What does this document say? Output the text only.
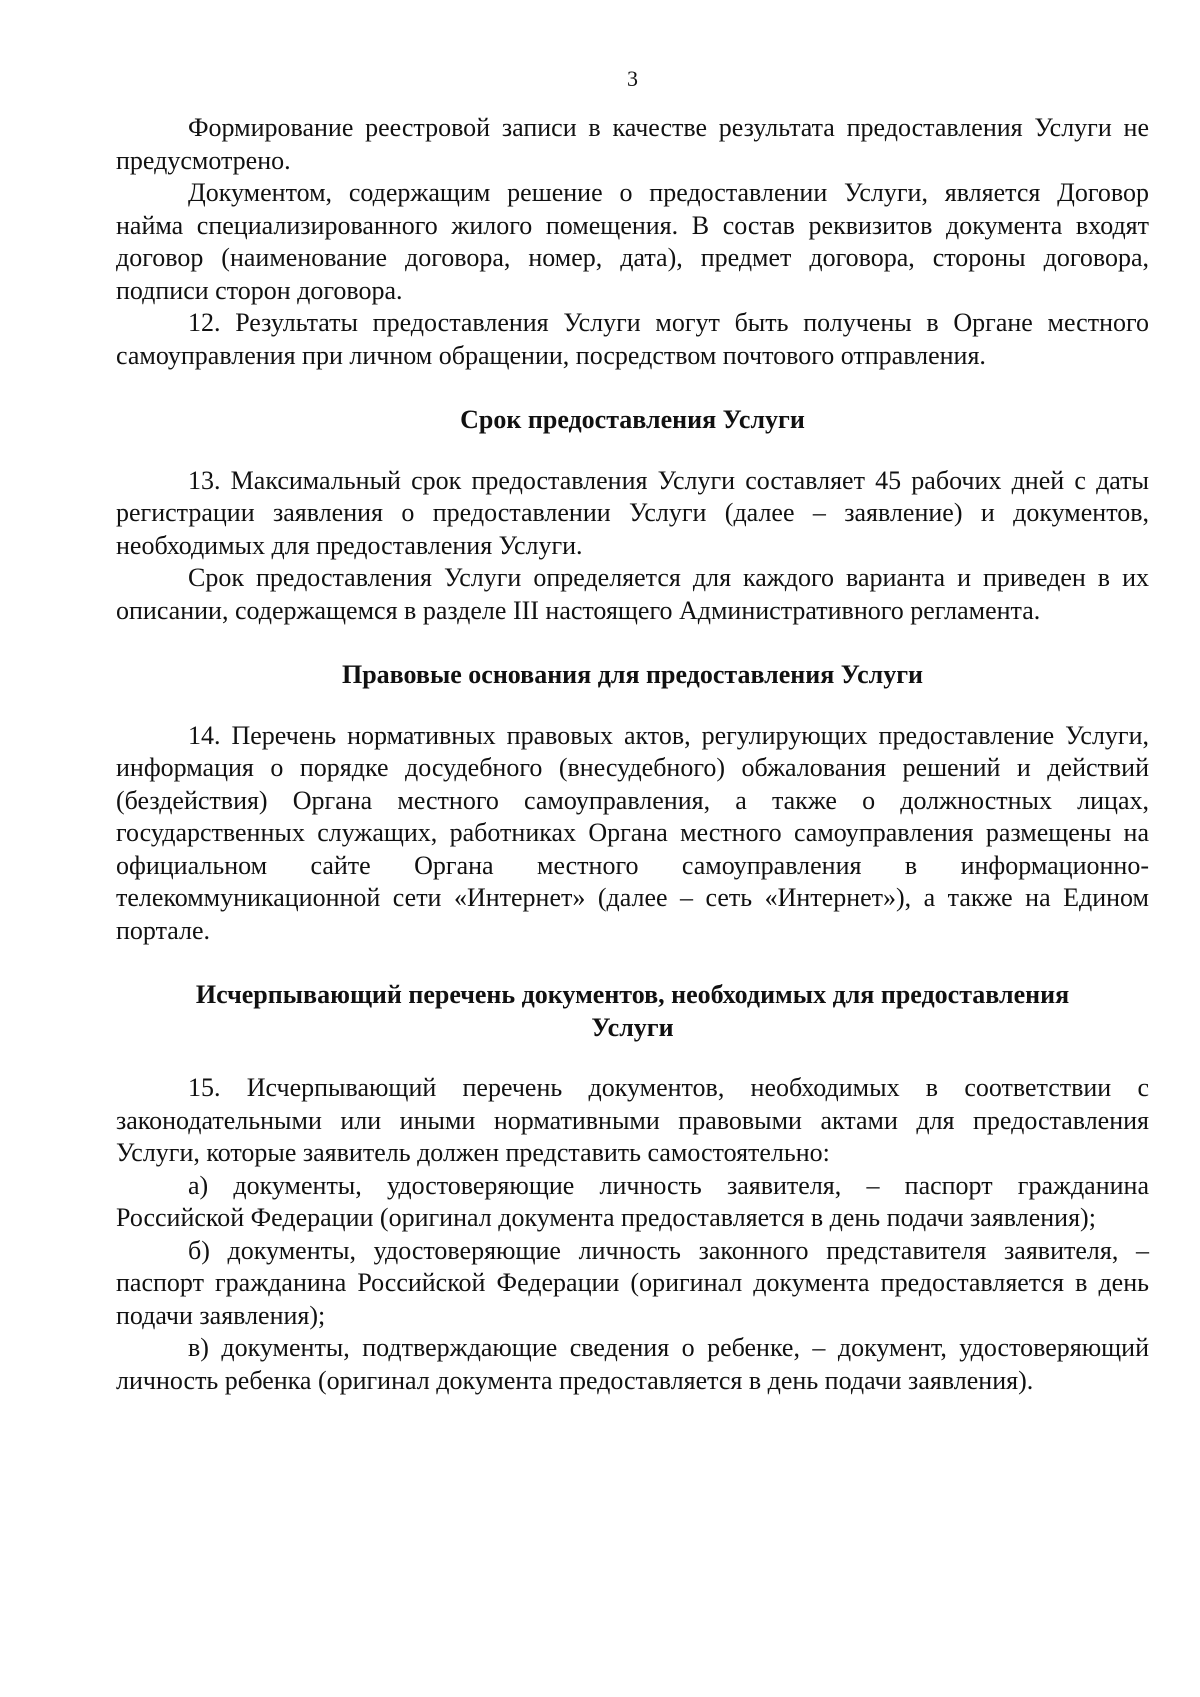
3

Формирование реестровой записи в качестве результата предоставления Услуги не предусмотрено.

Документом, содержащим решение о предоставлении Услуги, является Договор найма специализированного жилого помещения. В состав реквизитов документа входят договор (наименование договора, номер, дата), предмет договора, стороны договора, подписи сторон договора.

12. Результаты предоставления Услуги могут быть получены в Органе местного самоуправления при личном обращении, посредством почтового отправления.

Срок предоставления Услуги

13. Максимальный срок предоставления Услуги составляет 45 рабочих дней с даты регистрации заявления о предоставлении Услуги (далее – заявление) и документов, необходимых для предоставления Услуги.

Срок предоставления Услуги определяется для каждого варианта и приведен в их описании, содержащемся в разделе III настоящего Административного регламента.

Правовые основания для предоставления Услуги

14. Перечень нормативных правовых актов, регулирующих предоставление Услуги, информация о порядке досудебного (внесудебного) обжалования решений и действий (бездействия) Органа местного самоуправления, а также о должностных лицах, государственных служащих, работниках Органа местного самоуправления размещены на официальном сайте Органа местного самоуправления в информационно-телекоммуникационной сети «Интернет» (далее – сеть «Интернет»), а также на Едином портале.

Исчерпывающий перечень документов, необходимых для предоставления
Услуги

15. Исчерпывающий перечень документов, необходимых в соответствии с законодательными или иными нормативными правовыми актами для предоставления Услуги, которые заявитель должен представить самостоятельно:

а) документы, удостоверяющие личность заявителя, – паспорт гражданина Российской Федерации (оригинал документа предоставляется в день подачи заявления);

б) документы, удостоверяющие личность законного представителя заявителя, – паспорт гражданина Российской Федерации (оригинал документа предоставляется в день подачи заявления);

в) документы, подтверждающие сведения о ребенке, – документ, удостоверяющий личность ребенка (оригинал документа предоставляется в день подачи заявления).
